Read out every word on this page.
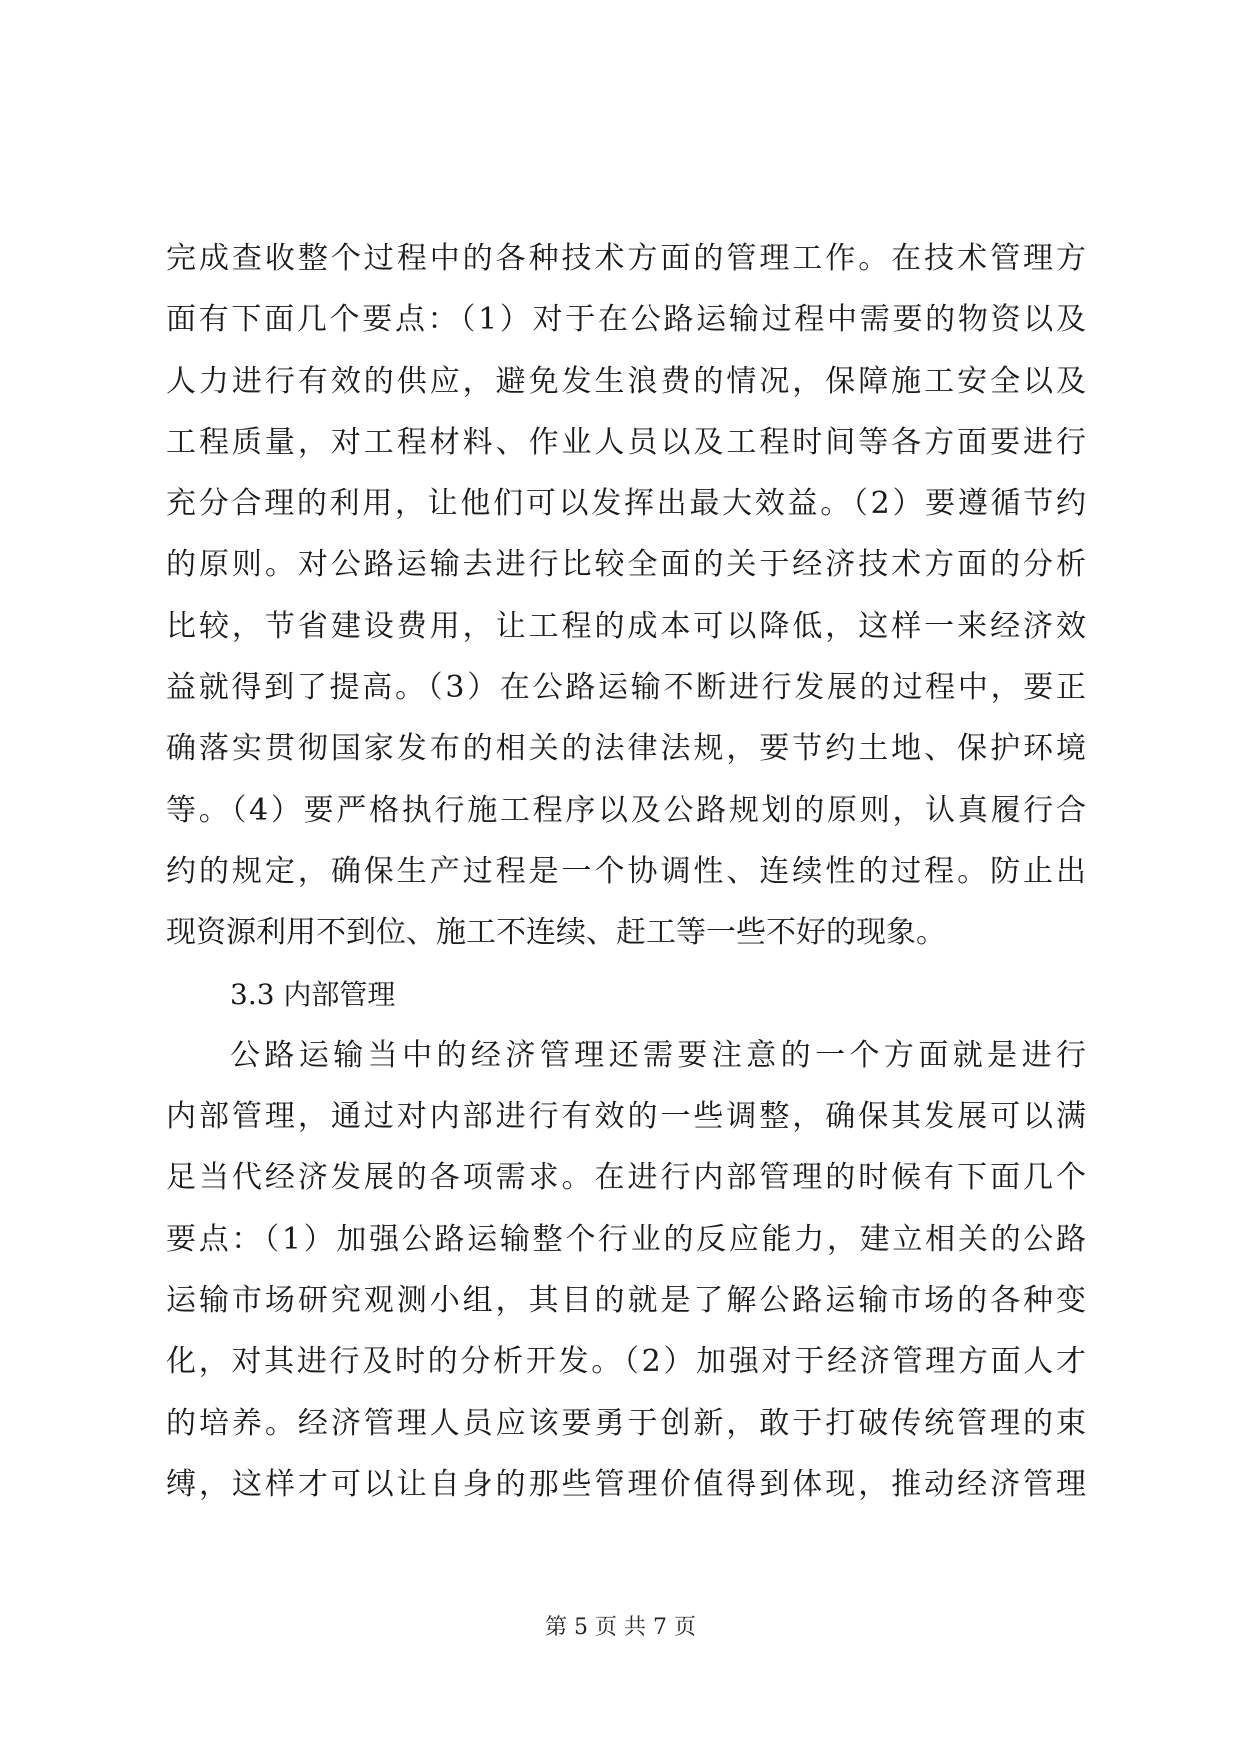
完成查收整个过程中的各种技术方面的管理工作。在技术管理方
面有下面几个要点：（1）对于在公路运输过程中需要的物资以及
人力进行有效的供应，避免发生浪费的情况，保障施工安全以及
工程质量，对工程材料、作业人员以及工程时间等各方面要进行
充分合理的利用，让他们可以发挥出最大效益。（2）要遵循节约
的原则。对公路运输去进行比较全面的关于经济技术方面的分析
比较，节省建设费用，让工程的成本可以降低，这样一来经济效
益就得到了提高。（3）在公路运输不断进行发展的过程中，要正
确落实贯彻国家发布的相关的法律法规，要节约土地、保护环境
等。（4）要严格执行施工程序以及公路规划的原则，认真履行合
约的规定，确保生产过程是一个协调性、连续性的过程。防止出
现资源利用不到位、施工不连续、赶工等一些不好的现象。
3.3 内部管理
公路运输当中的经济管理还需要注意的一个方面就是进行
内部管理，通过对内部进行有效的一些调整，确保其发展可以满
足当代经济发展的各项需求。在进行内部管理的时候有下面几个
要点：（1）加强公路运输整个行业的反应能力，建立相关的公路
运输市场研究观测小组，其目的就是了解公路运输市场的各种变
化，对其进行及时的分析开发。（2）加强对于经济管理方面人才
的培养。经济管理人员应该要勇于创新，敢于打破传统管理的束
缚，这样才可以让自身的那些管理价值得到体现，推动经济管理
第 5 页 共 7 页
